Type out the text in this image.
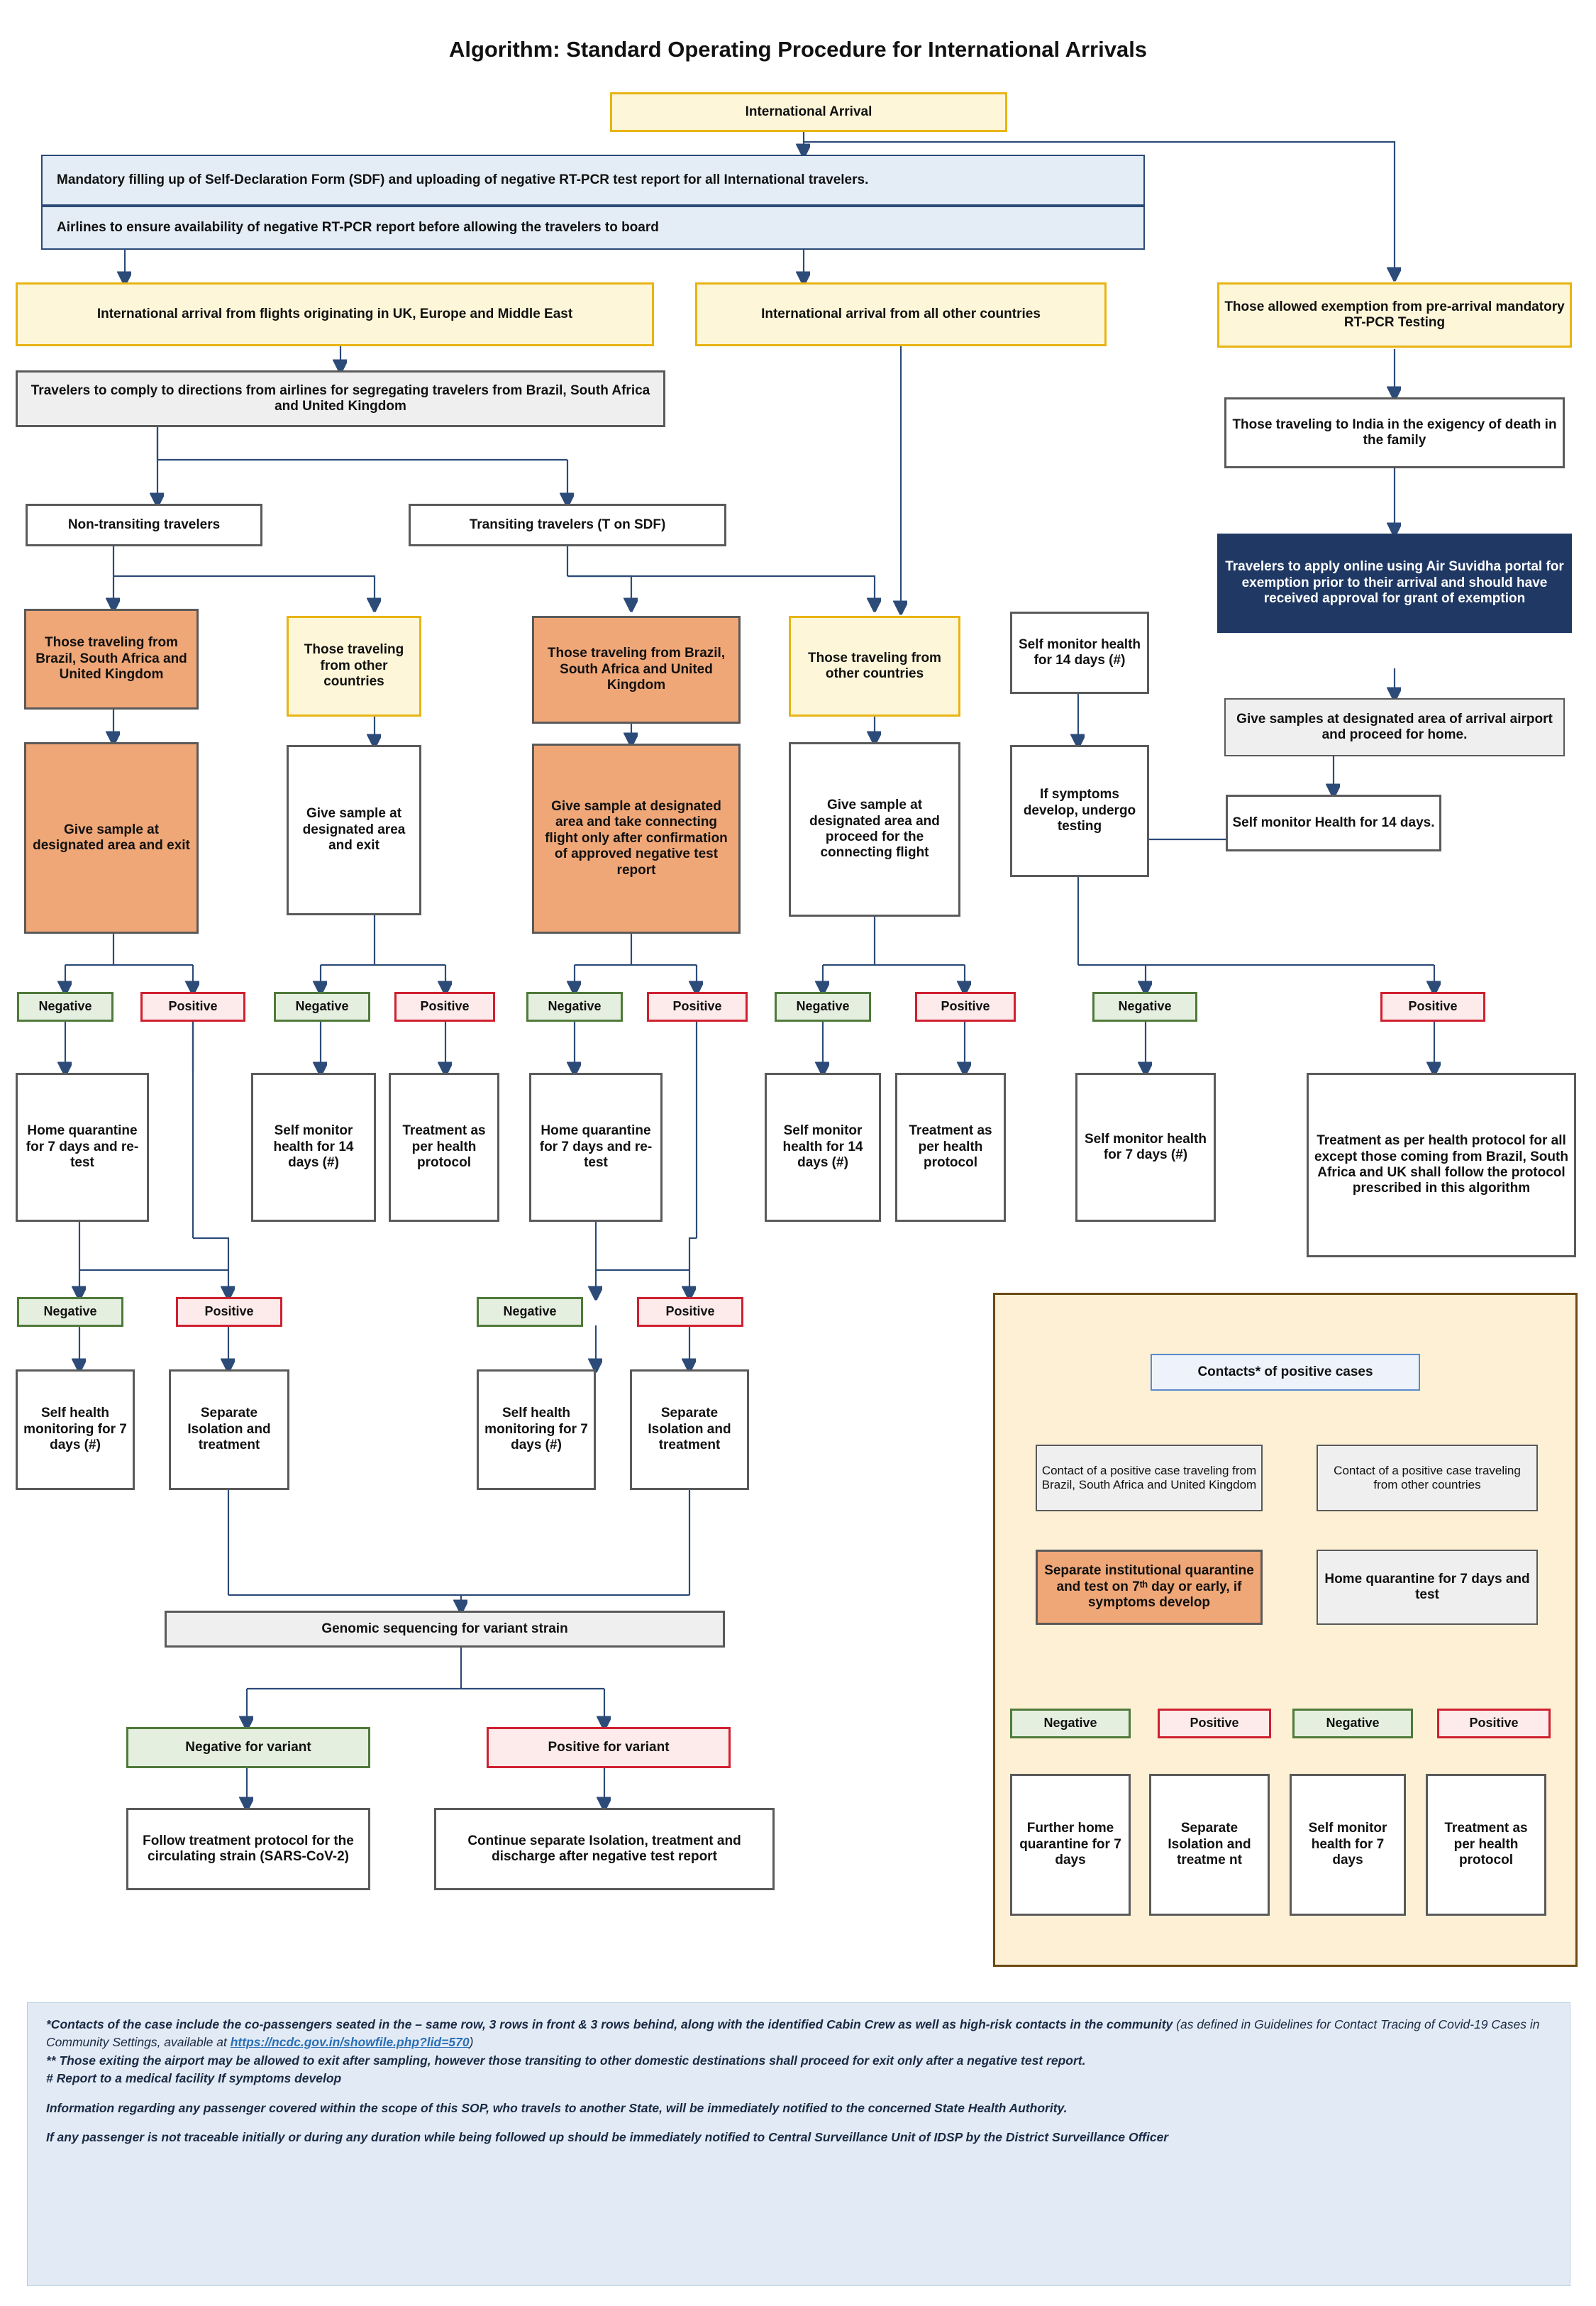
Algorithm: Standard Operating Procedure for International Arrivals
International Arrival
Mandatory filling up of Self-Declaration Form (SDF) and uploading of negative RT-PCR test report for all International travelers.
Airlines to ensure availability of negative RT-PCR report before allowing the travelers to board
International arrival from flights originating in UK, Europe and Middle East	International arrival from all other countries	Those allowed exemption from pre-arrival mandatory RT-PCR Testing
Travelers to comply to directions from airlines for segregating travelers from Brazil, South Africa and United Kingdom
Those traveling to India in the exigency of death in the family
Travelers to apply online using Air Suvidha portal for exemption prior to their arrival and should have received approval for grant of exemption
Give samples at designated area of arrival airport and proceed for home.
Self monitor Health for 14 days.
Non-transiting travelers	Transiting travelers (T on SDF)
Those traveling from Brazil, South Africa and United Kingdom
Those traveling from other countries
Those traveling from Brazil, South Africa and United Kingdom
Those traveling from other countries
Self monitor health for 14 days (#)
Give sample at designated area and exit
Give sample at designated area and exit
Give sample at designated area and take connecting flight only after confirmation of approved negative test report
Give sample at designated area and proceed for the connecting flight
If symptoms develop, undergo testing
Negative	Positive	Negative	Positive	Negative	Positive	Negative	Positive	Negative	Positive
Home quarantine for 7 days and re-test
Self monitor health for 14 days (#)
Treatment as per health protocol
Home quarantine for 7 days and re-test
Self monitor health for 14 days (#)
Treatment as per health protocol
Self monitor health for 7 days (#)
Treatment as per health protocol for all except those coming from Brazil, South Africa and UK shall follow the protocol prescribed in this algorithm
Negative	Positive	Negative	Positive
Self health monitoring for 7 days (#)
Separate Isolation and treatment
Self health monitoring for 7 days (#)
Separate Isolation and treatment
Genomic sequencing for variant strain
Negative for variant	Positive for variant
Follow treatment protocol for the circulating strain (SARS-CoV-2)
Continue separate Isolation, treatment and discharge after negative test report
Contacts* of positive cases
Contact of a positive case traveling from Brazil, South Africa and United Kingdom
Contact of a positive case traveling from other countries
Separate institutional quarantine and test on 7ᵗʰ day or early, if symptoms develop
Home quarantine for 7 days and test
Negative	Positive	Negative	Positive
Further home quarantine for 7 days
Separate Isolation and treatme nt
Self monitor health for 7 days
Treatment as per health protocol
*Contacts of the case include the co-passengers seated in the – same row, 3 rows in front & 3 rows behind, along with the identified Cabin Crew as well as high-risk contacts in the community (as defined in Guidelines for Contact Tracing of Covid-19 Cases in Community Settings, available at https://ncdc.gov.in/showfile.php?lid=570)
** Those exiting the airport may be allowed to exit after sampling, however those transiting to other domestic destinations shall proceed for exit only after a negative test report.
# Report to a medical facility If symptoms develop
Information regarding any passenger covered within the scope of this SOP, who travels to another State, will be immediately notified to the concerned State Health Authority.
If any passenger is not traceable initially or during any duration while being followed up should be immediately notified to Central Surveillance Unit of IDSP by the District Surveillance Officer
